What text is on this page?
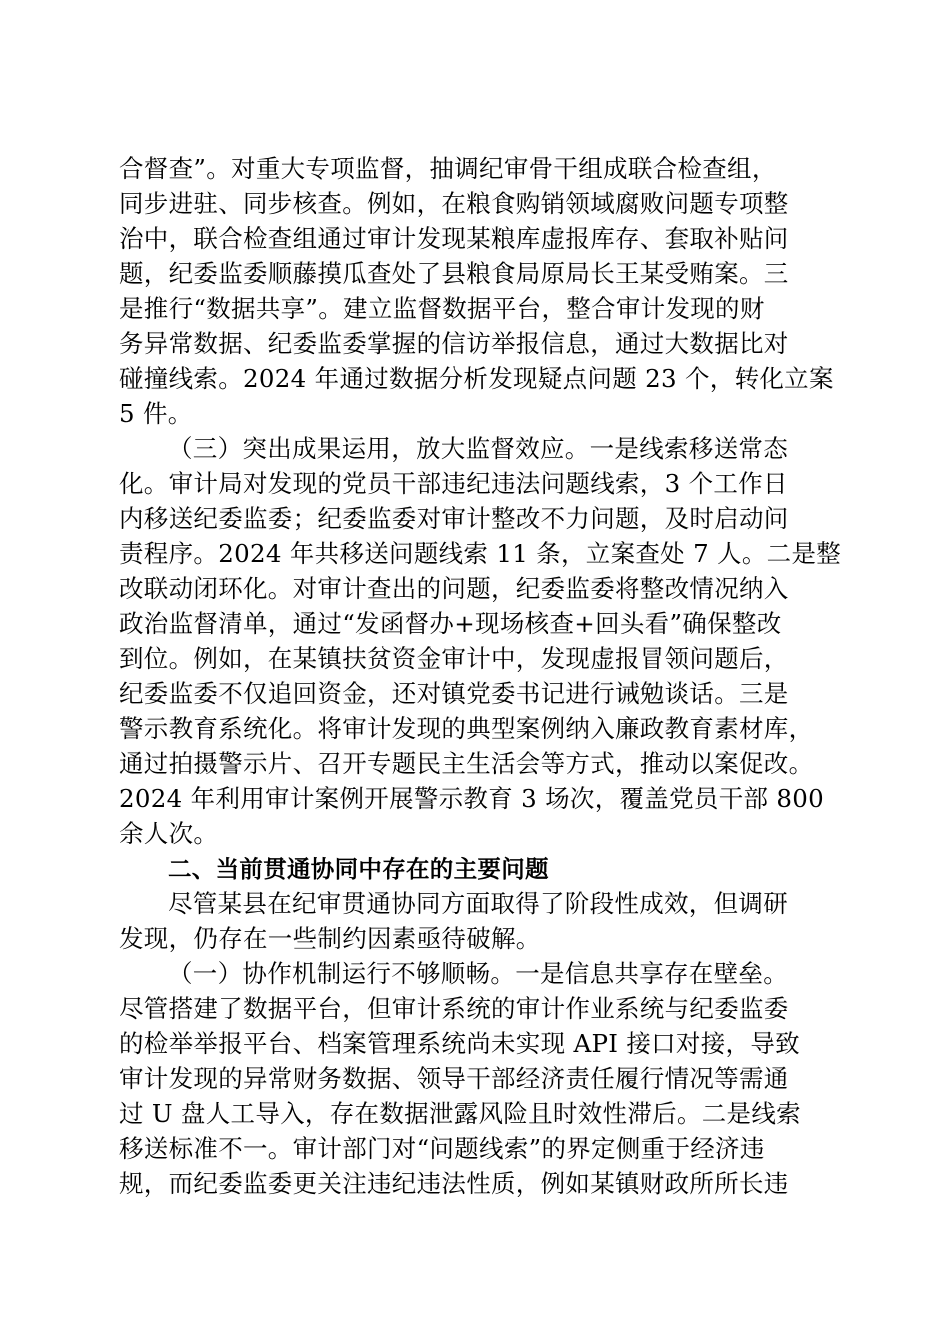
合督查”。对重大专项监督，抽调纪审骨干组成联合检查组，
同步进驻、同步核查。例如，在粮食购销领域腐败问题专项整
治中，联合检查组通过审计发现某粮库虚报库存、套取补贴问
题，纪委监委顺藤摸瓜查处了县粮食局原局长王某受贿案。三
是推行“数据共享”。建立监督数据平台，整合审计发现的财
务异常数据、纪委监委掌握的信访举报信息，通过大数据比对
碰撞线索。2024 年通过数据分析发现疑点问题 23 个，转化立案
5 件。
（三）突出成果运用，放大监督效应。一是线索移送常态
化。审计局对发现的党员干部违纪违法问题线索，3 个工作日
内移送纪委监委；纪委监委对审计整改不力问题，及时启动问
责程序。2024 年共移送问题线索 11 条，立案查处 7 人。二是整
改联动闭环化。对审计查出的问题，纪委监委将整改情况纳入
政治监督清单，通过“发函督办+现场核查+回头看”确保整改
到位。例如，在某镇扶贫资金审计中，发现虚报冒领问题后，
纪委监委不仅追回资金，还对镇党委书记进行诫勉谈话。三是
警示教育系统化。将审计发现的典型案例纳入廉政教育素材库，
通过拍摄警示片、召开专题民主生活会等方式，推动以案促改。
2024 年利用审计案例开展警示教育 3 场次，覆盖党员干部 800
余人次。
二、当前贯通协同中存在的主要问题
尽管某县在纪审贯通协同方面取得了阶段性成效，但调研
发现，仍存在一些制约因素亟待破解。
（一）协作机制运行不够顺畅。一是信息共享存在壁垒。
尽管搭建了数据平台，但审计系统的审计作业系统与纪委监委
的检举举报平台、档案管理系统尚未实现 API 接口对接，导致
审计发现的异常财务数据、领导干部经济责任履行情况等需通
过 U 盘人工导入，存在数据泄露风险且时效性滞后。二是线索
移送标准不一。审计部门对“问题线索”的界定侧重于经济违
规，而纪委监委更关注违纪违法性质，例如某镇财政所所长违
